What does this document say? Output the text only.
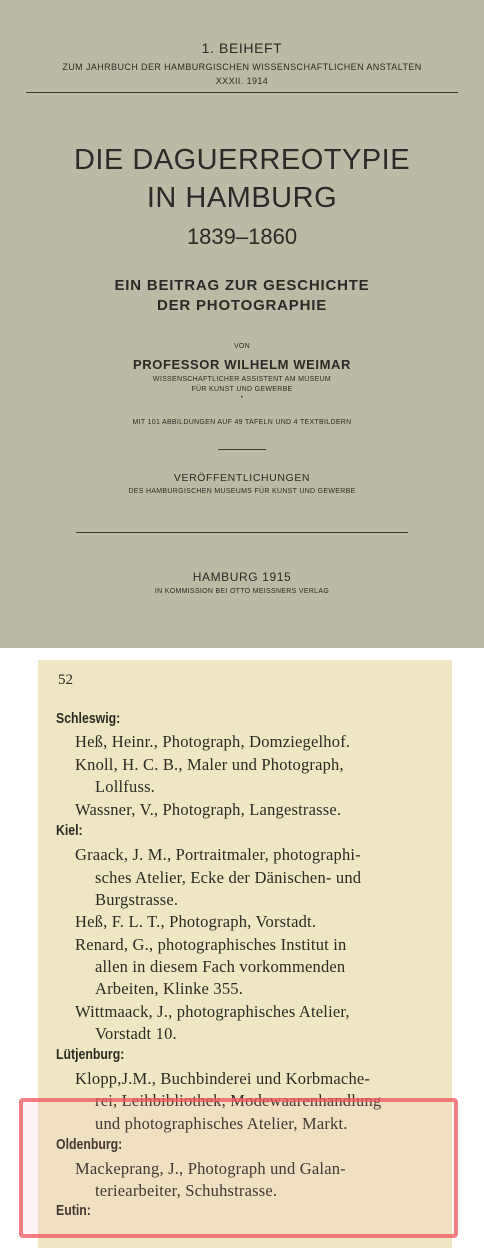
1. BEIHEFT
ZUM JAHRBUCH DER HAMBURGISCHEN WISSENSCHAFTLICHEN ANSTALTEN
XXXII. 1914
DIE DAGUERREOTYPIE
IN HAMBURG
1839–1860
EIN BEITRAG ZUR GESCHICHTE
DER PHOTOGRAPHIE
VON
PROFESSOR WILHELM WEIMAR
WISSENSCHAFTLICHER ASSISTENT AM MUSEUM
FÜR KUNST UND GEWERBE
•
MIT 101 ABBILDUNGEN AUF 49 TAFELN UND 4 TEXTBILDERN
VERÖFFENTLICHUNGEN
DES HAMBURGISCHEN MUSEUMS FÜR KUNST UND GEWERBE
HAMBURG 1915
IN KOMMISSION BEI OTTO MEISSNERS VERLAG
52
Schleswig:
Heß, Heinr., Photograph, Domziegelhof.
Knoll, H. C. B., Maler und Photograph,
Lollfuss.
Wassner, V., Photograph, Langestrasse.
Kiel:
Graack, J. M., Portraitmaler, photographi-
sches Atelier, Ecke der Dänischen- und
Burgstrasse.
Heß, F. L. T., Photograph, Vorstadt.
Renard, G., photographisches Institut in
allen in diesem Fach vorkommenden
Arbeiten, Klinke 355.
Wittmaack, J., photographisches Atelier,
Vorstadt 10.
Lütjenburg:
Klopp,J.M., Buchbinderei und Korbmache-
rei, Leihbibliothek, Modewaarenhandlung
und photographisches Atelier, Markt.
Oldenburg:
Mackeprang, J., Photograph und Galan-
teriearbeiter, Schuhstrasse.
Eutin:
